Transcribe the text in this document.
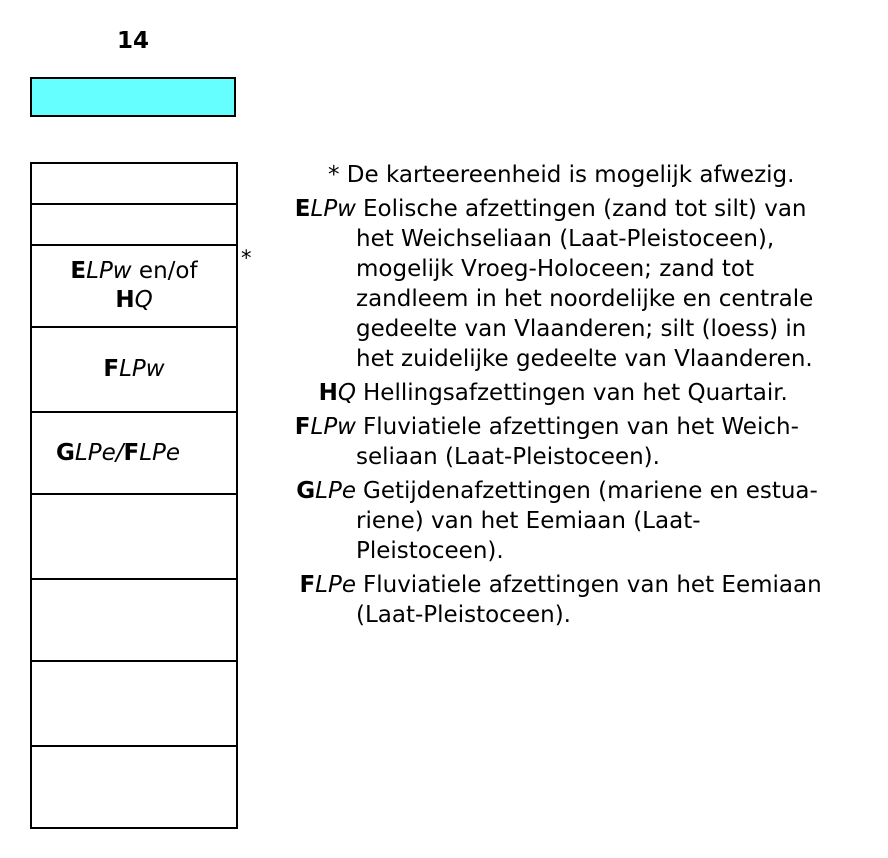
14
ELPw en/of
HQ
FLPw
GLPe/FLPe
*
* De karteereenheid is mogelijk afwezig.
ELPw Eolische afzettingen (zand tot silt) van
het Weichseliaan (Laat-Pleistoceen),
mogelijk Vroeg-Holoceen; zand tot
zandleem in het noordelijke en centrale
gedeelte van Vlaanderen; silt (loess) in
het zuidelijke gedeelte van Vlaanderen.
HQ Hellingsafzettingen van het Quartair.
FLPw Fluviatiele afzettingen van het Weich-
seliaan (Laat-Pleistoceen).
GLPe Getijdenafzettingen (mariene en estua-
riene) van het Eemiaan (Laat-
Pleistoceen).
FLPe Fluviatiele afzettingen van het Eemiaan
(Laat-Pleistoceen).
